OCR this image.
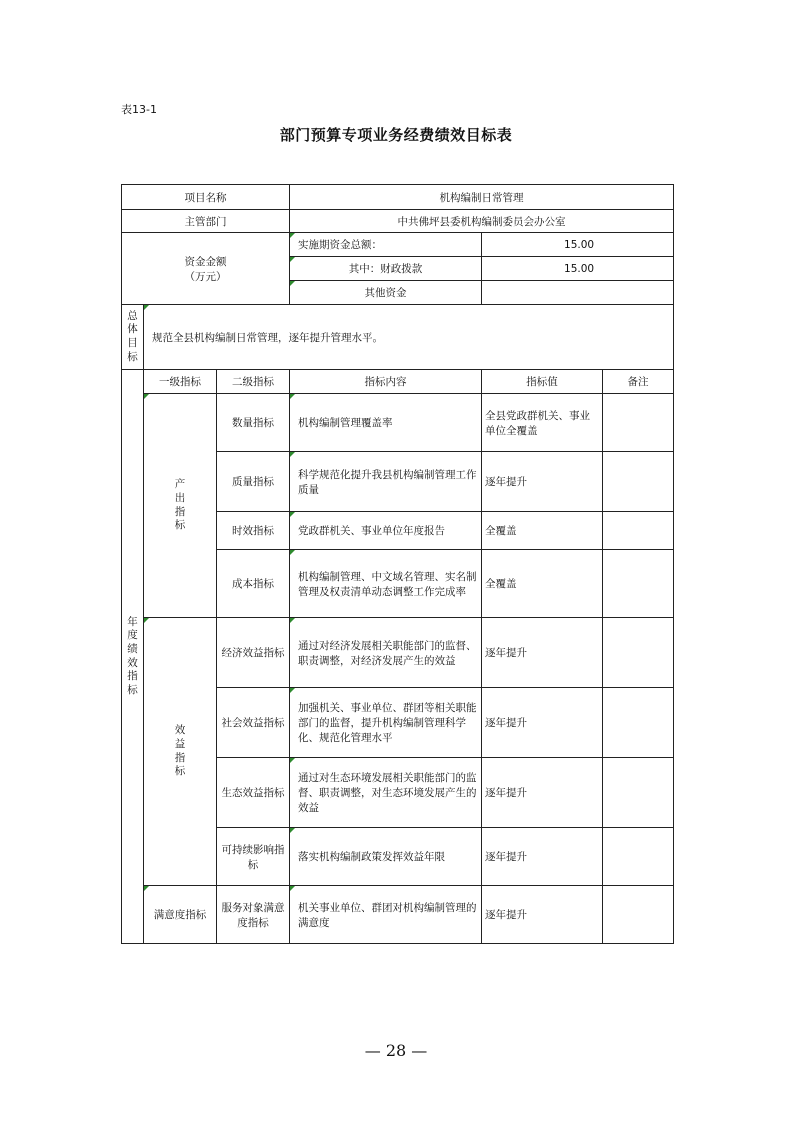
表13-1
部门预算专项业务经费绩效目标表
项目名称			机构编制日常管理		
主管部门			中共佛坪县委机构编制委员会办公室		

资金金额
（万元）			实施期资金总额：	15.00	
			其中：财政拨款	15.00	
			其他资金		
总体目标	规范全县机构编制日常管理，逐年提升管理水平。				
年度绩效指标	一级指标	二级指标	指标内容	指标值	备注
	产出指标	数量指标	机构编制管理覆盖率	全县党政群机关、事业单位全覆盖	
		质量指标	科学规范化提升我县机构编制管理工作质量	逐年提升	
		时效指标	党政群机关、事业单位年度报告	全覆盖	
		成本指标	机构编制管理、中文域名管理、实名制管理及权责清单动态调整工作完成率	全覆盖	
	效益指标	经济效益指标	通过对经济发展相关职能部门的监督、职责调整，对经济发展产生的效益	逐年提升	
		社会效益指标	加强机关、事业单位、群团等相关职能部门的监督，提升机构编制管理科学化、规范化管理水平	逐年提升	
		生态效益指标	通过对生态环境发展相关职能部门的监督、职责调整，对生态环境发展产生的效益	逐年提升	
		可持续影响指标	落实机构编制政策发挥效益年限	逐年提升	
	满意度指标	服务对象满意度指标	机关事业单位、群团对机构编制管理的满意度	逐年提升	
— 28 —
